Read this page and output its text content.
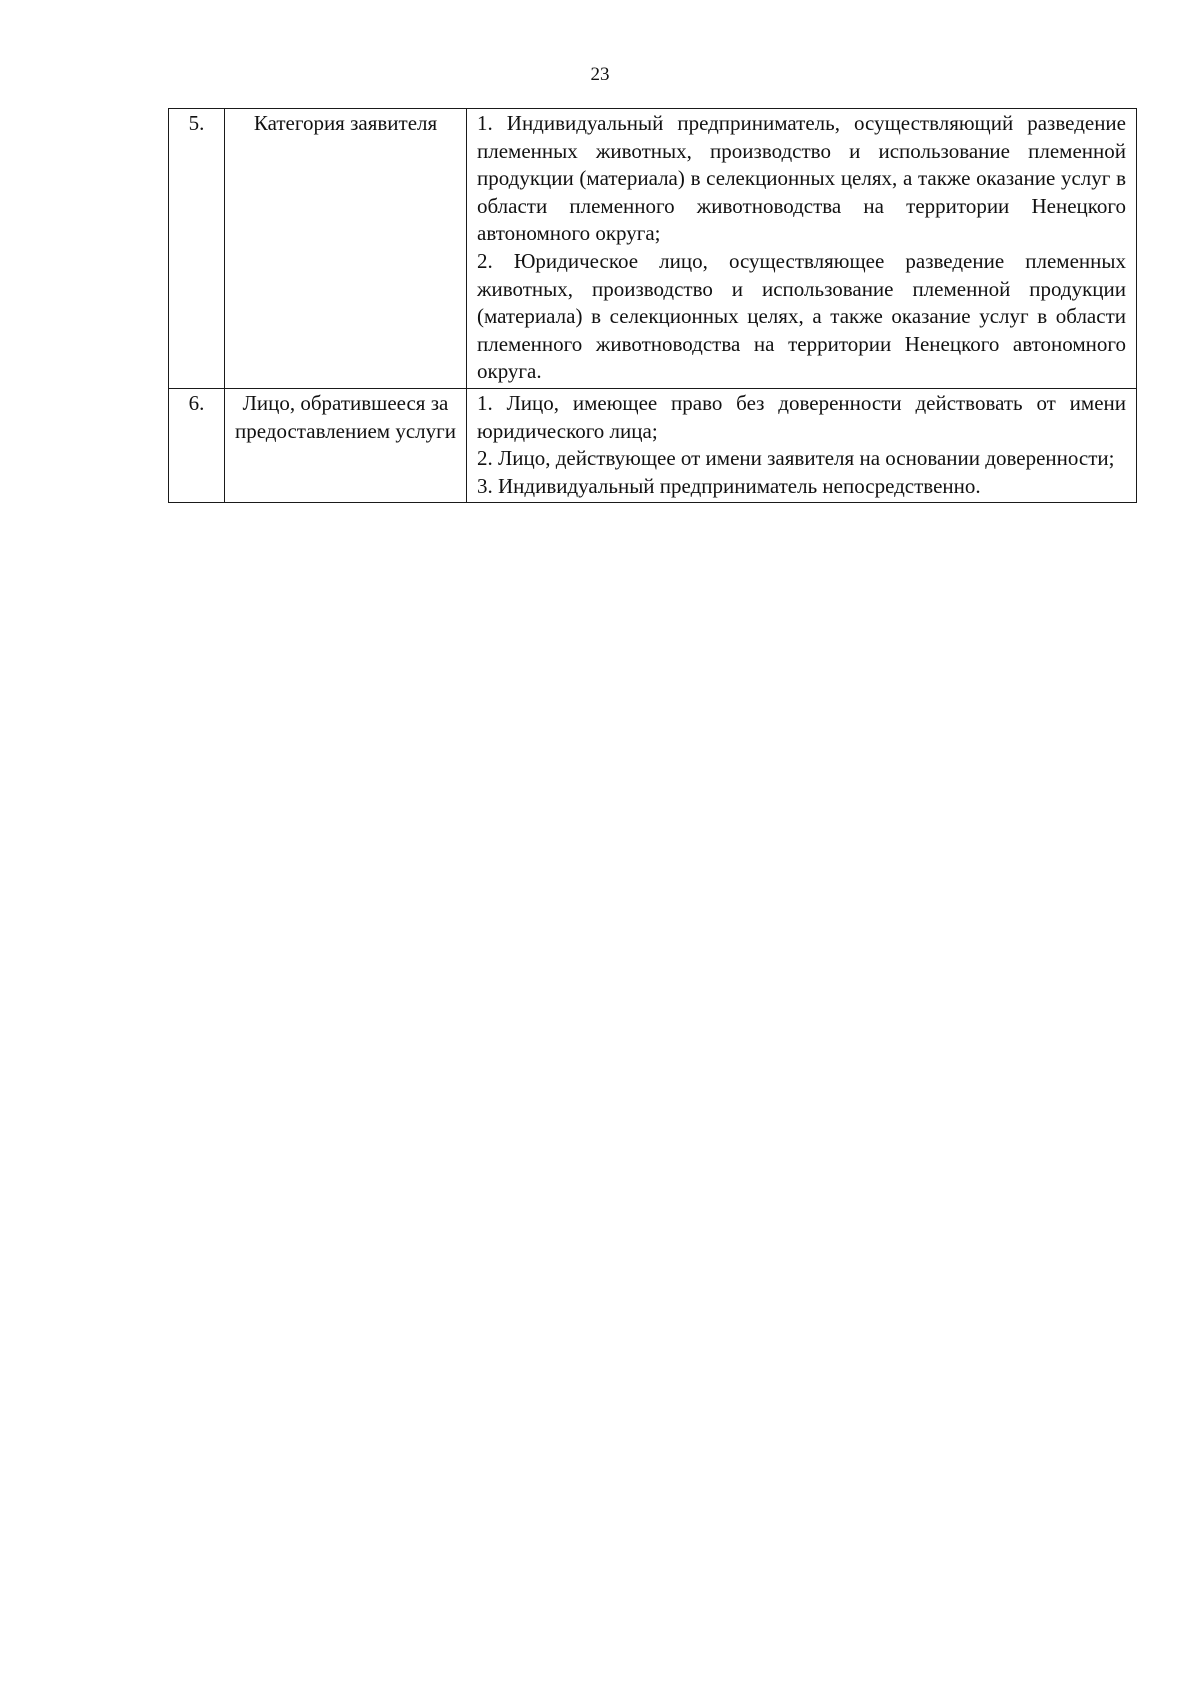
23
5.	Категория заявителя	1. Индивидуальный предприниматель, осуществляющий разведение племенных животных, производство и использование племенной продукции (материала) в селекционных целях, а также оказание услуг в области племенного животноводства на территории Ненецкого автономного округа;
2. Юридическое лицо, осуществляющее разведение племенных животных, производство и использование племенной продукции (материала) в селекционных целях, а также оказание услуг в области племенного животноводства на территории Ненецкого автономного округа.

6.	Лицо, обратившееся за предоставлением услуги	1. Лицо, имеющее право без доверенности действовать от имени юридического лица;
2. Лицо, действующее от имени заявителя на основании доверенности;
3. Индивидуальный предприниматель непосредственно.
